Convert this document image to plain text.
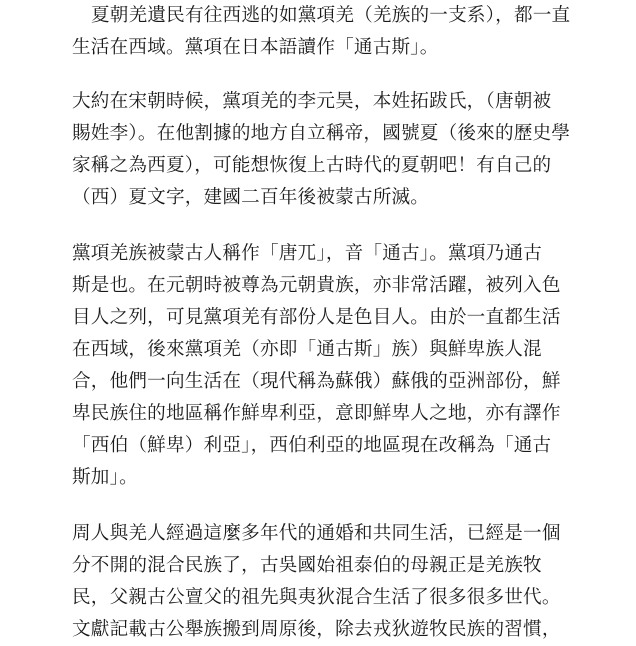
夏朝羌遺民有往西逃的如黨項羌（羌族的一支系），都一直
生活在西域。黨項在日本語讀作「通古斯」。

大約在宋朝時候，黨項羌的李元昊，本姓拓跋氏，（唐朝被
賜姓李）。在他割據的地方自立稱帝，國號夏（後來的歷史學
家稱之為西夏），可能想恢復上古時代的夏朝吧！有自己的
（西）夏文字，建國二百年後被蒙古所滅。

黨項羌族被蒙古人稱作「唐兀」，音「通古」。黨項乃通古
斯是也。在元朝時被尊為元朝貴族，亦非常活躍，被列入色
目人之列，可見黨項羌有部份人是色目人。由於一直都生活
在西域，後來黨項羌（亦即「通古斯」族）與鮮卑族人混
合，他們一向生活在（現代稱為蘇俄）蘇俄的亞洲部份，鮮
卑民族住的地區稱作鮮卑利亞，意即鮮卑人之地，亦有譯作
「西伯（鮮卑）利亞」，西伯利亞的地區現在改稱為「通古
斯加」。

周人與羌人經過這麼多年代的通婚和共同生活，已經是一個
分不開的混合民族了，古吳國始祖泰伯的母親正是羌族牧
民，父親古公亶父的祖先與夷狄混合生活了很多很多世代。
文獻記載古公舉族搬到周原後，除去戎狄遊牧民族的習慣，
